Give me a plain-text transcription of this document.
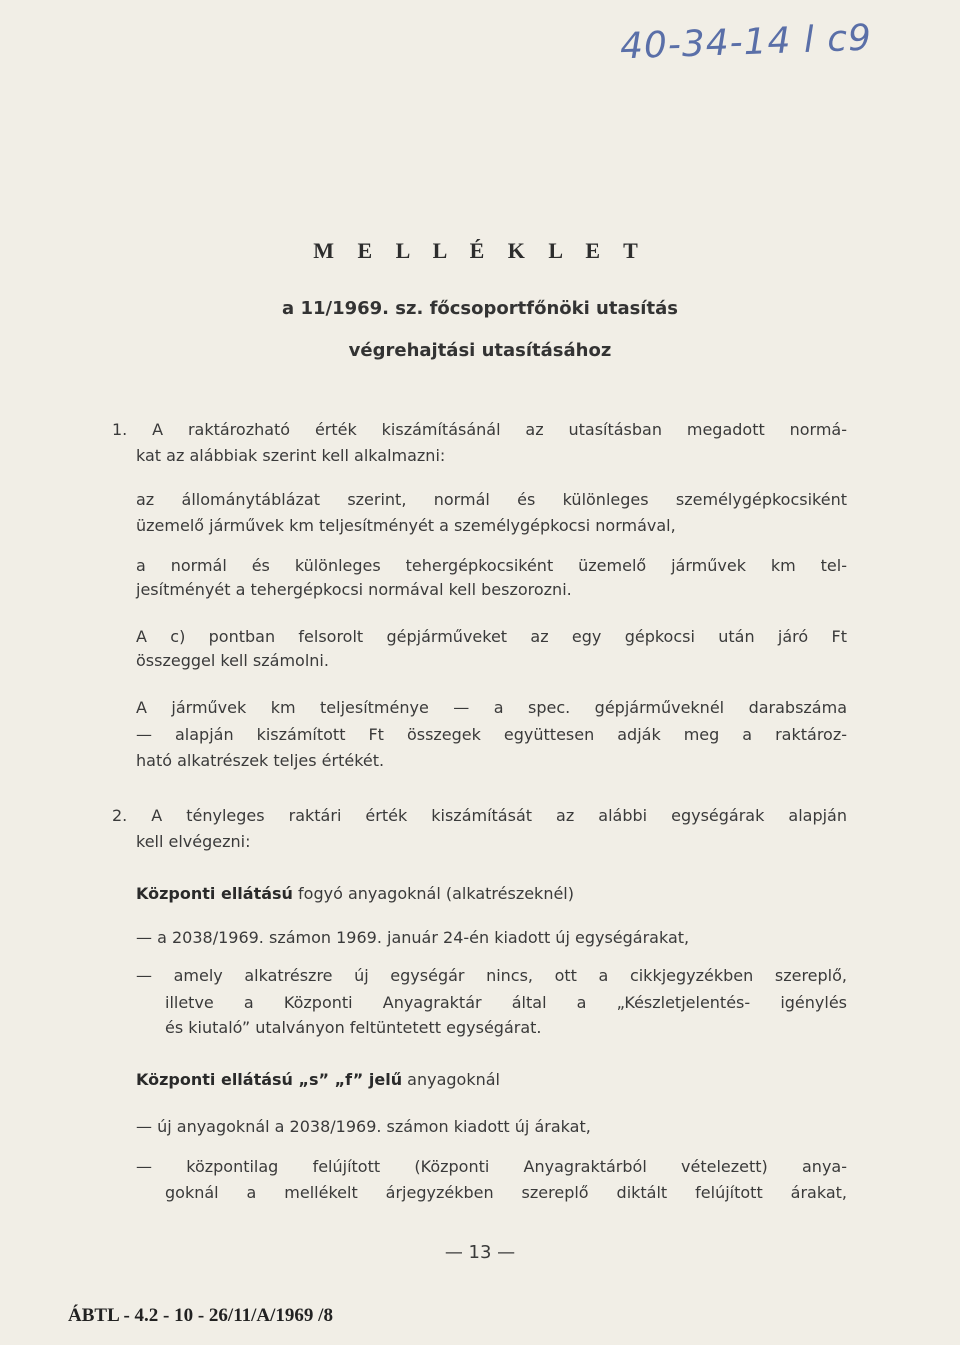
40-34-14 l c9
M E L L É K L E T
a 11/1969. sz. főcsoportfőnöki utasítás
végrehajtási utasításához
1. A raktározható érték kiszámításánál az utasításban megadott normá-
kat az alábbiak szerint kell alkalmazni:
az állománytáblázat szerint, normál és különleges személygépkocsiként
üzemelő járművek km teljesítményét a személygépkocsi normával,
a normál és különleges tehergépkocsiként üzemelő járművek km tel-
jesítményét a tehergépkocsi normával kell beszorozni.
A c) pontban felsorolt gépjárműveket az egy gépkocsi után járó Ft
összeggel kell számolni.
A járművek km teljesítménye — a spec. gépjárműveknél darabszáma
— alapján kiszámított Ft összegek együttesen adják meg a raktároz-
ható alkatrészek teljes értékét.
2. A tényleges raktári érték kiszámítását az alábbi egységárak alapján
kell elvégezni:
Központi ellátású fogyó anyagoknál (alkatrészeknél)
— a 2038/1969. számon 1969. január 24-én kiadott új egységárakat,
— amely alkatrészre új egységár nincs, ott a cikkjegyzékben szereplő,
illetve a Központi Anyagraktár által a „Készletjelentés- igénylés
és kiutaló” utalványon feltüntetett egységárat.
Központi ellátású „s” „f” jelű anyagoknál
— új anyagoknál a 2038/1969. számon kiadott új árakat,
— központilag felújított (Központi Anyagraktárból vételezett) anya-
goknál a mellékelt árjegyzékben szereplő diktált felújított árakat,
— 13 —
ÁBTL - 4.2 - 10 - 26/11/A/1969 /8
